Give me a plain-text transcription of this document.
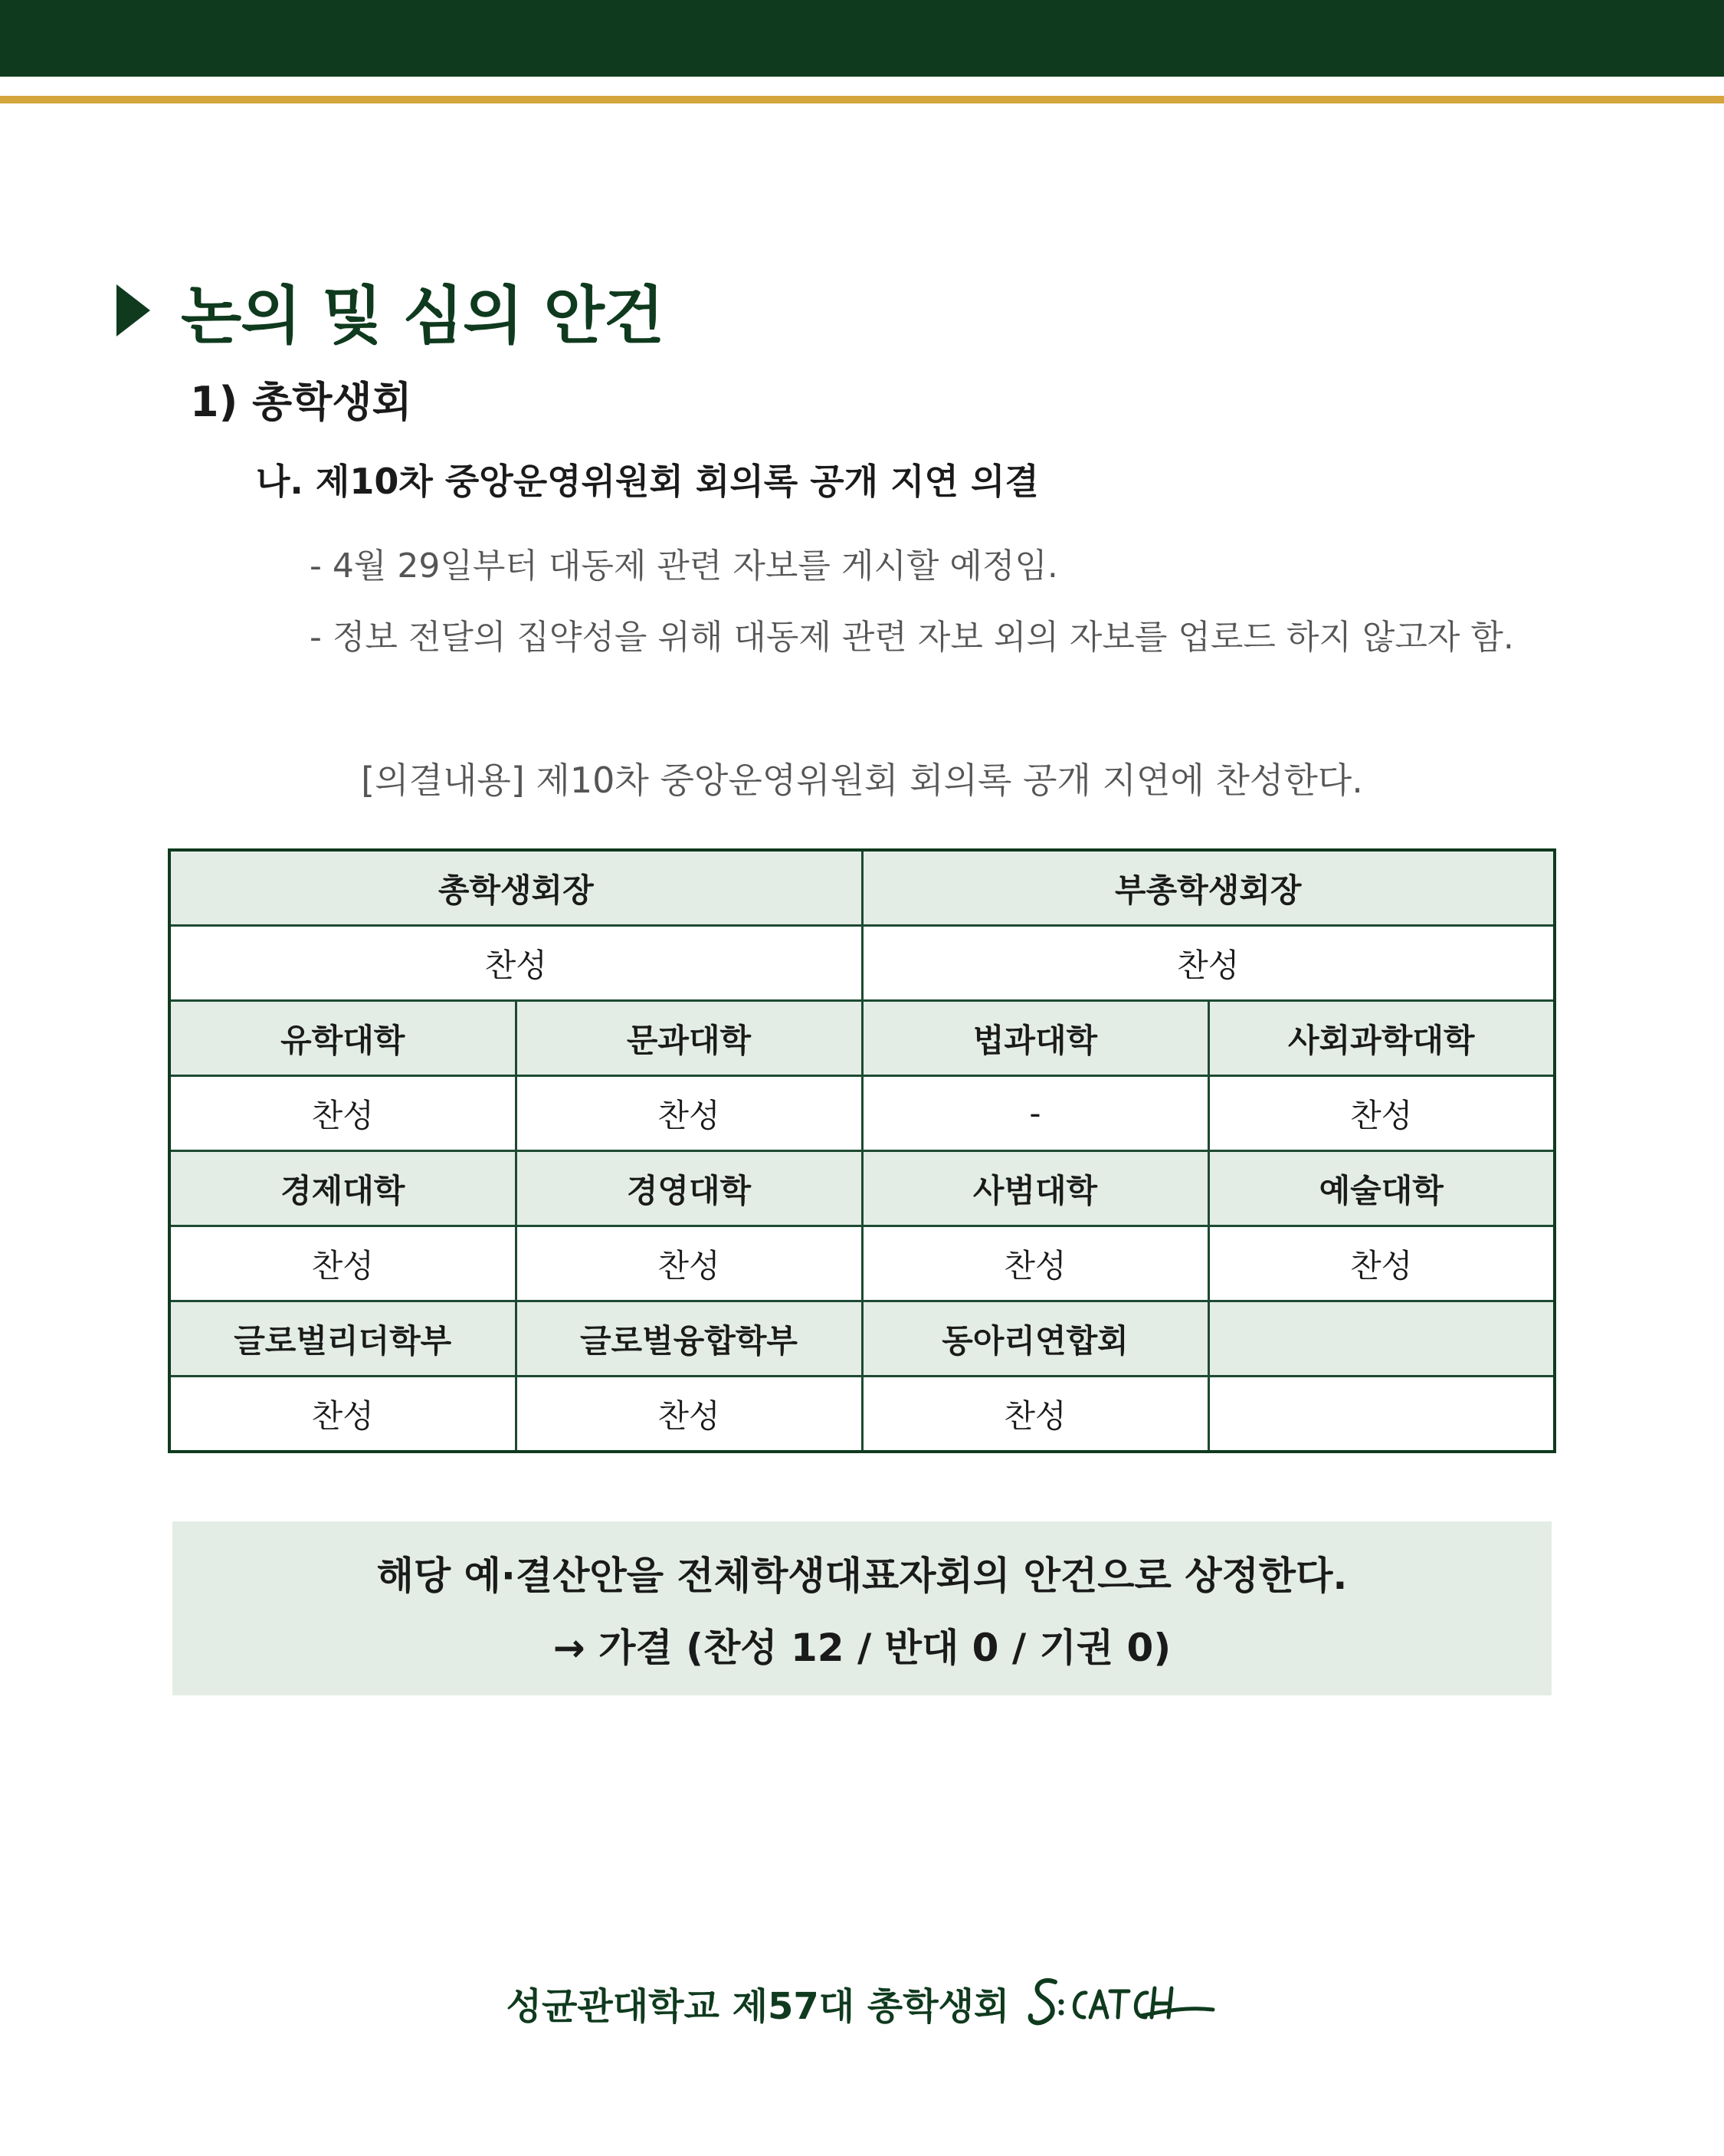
논의 및 심의 안건
1) 총학생회
나. 제10차 중앙운영위원회 회의록 공개 지연 의결
- 4월 29일부터 대동제 관련 자보를 게시할 예정임.
- 정보 전달의 집약성을 위해 대동제 관련 자보 외의 자보를 업로드 하지 않고자 함.
[의결내용] 제10차 중앙운영위원회 회의록 공개 지연에 찬성한다.
총학생회장		부총학생회장	
찬성		찬성	
유학대학	문과대학	법과대학	사회과학대학
찬성	찬성	-	찬성
경제대학	경영대학	사범대학	예술대학
찬성	찬성	찬성	찬성
글로벌리더학부	글로벌융합학부	동아리연합회	
찬성	찬성	찬성	
해당 예·결산안을 전체학생대표자회의 안건으로 상정한다.
→ 가결 (찬성 12 / 반대 0 / 기권 0)
성균관대학교 제57대 총학생회
